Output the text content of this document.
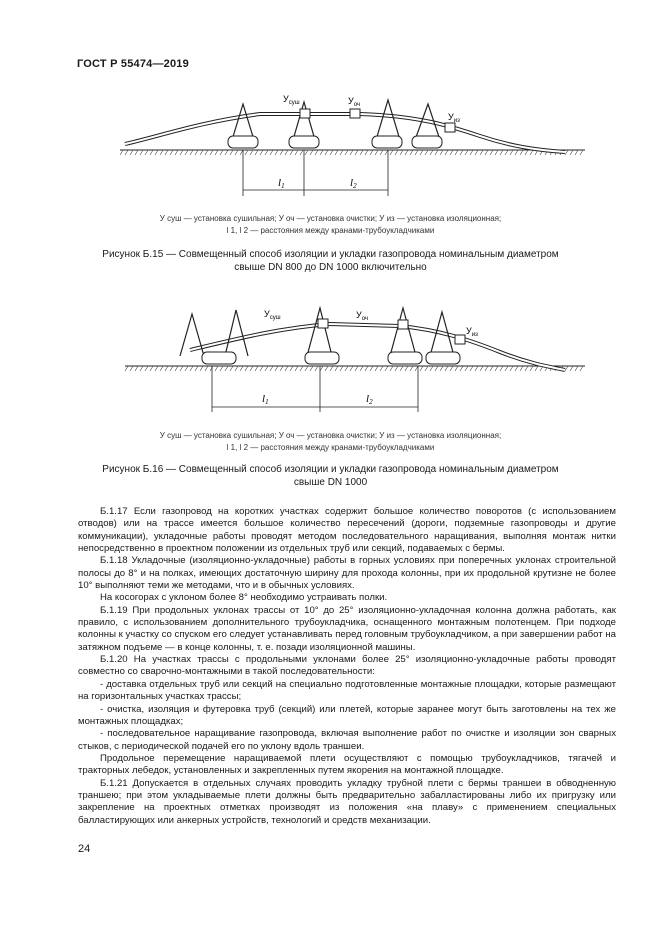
ГОСТ Р 55474—2019
l1	l2
$У_{суш}$	$У_{оч}$
$У_{из}$
У суш — установка сушильная; У оч — установка очистки; У из — установка изоляционная;
l 1, l 2 — расстояния между кранами-трубоукладчиками
Рисунок Б.15 — Совмещенный способ изоляции и укладки газопровода номинальным диаметром
свыше DN 800 до DN 1000 включительно
l1	l2
$У_{суш}$	$У_{оч}$
$У_{из}$
У суш — установка сушильная; У оч — установка очистки; У из — установка изоляционная;
l 1, l 2 — расстояния между кранами-трубоукладчиками
Рисунок Б.16 — Совмещенный способ изоляции и укладки газопровода номинальным диаметром
свыше DN 1000

Б.1.17 Если газопровод на коротких участках содержит большое количество поворотов (с использованием отводов) или на трассе имеется большое количество пересечений (дороги, подземные газопроводы и другие коммуникации), укладочные работы проводят методом последовательного наращивания, выполняя монтаж нитки непосредственно в проектном положении из отдельных труб или секций, подаваемых с бермы.

Б.1.18 Укладочные (изоляционно-укладочные) работы в горных условиях при поперечных уклонах строительной полосы до 8° и на полках, имеющих достаточную ширину для прохода колонны, при их продольной крутизне не более 10° выполняют теми же методами, что и в обычных условиях.

На косогорах с уклоном более 8° необходимо устраивать полки.

Б.1.19 При продольных уклонах трассы от 10° до 25° изоляционно-укладочная колонна должна работать, как правило, с использованием дополнительного трубоукладчика, оснащенного монтажным полотенцем. При подходе колонны к участку со спуском его следует устанавливать перед головным трубоукладчиком, а при завершении работ на затяжном подъеме — в конце колонны, т. е. позади изоляционной машины.

Б.1.20 На участках трассы с продольными уклонами более 25° изоляционно-укладочные работы проводят совместно со сварочно-монтажными в такой последовательности:

- доставка отдельных труб или секций на специально подготовленные монтажные площадки, которые размещают на горизонтальных участках трассы;

- очистка, изоляция и футеровка труб (секций) или плетей, которые заранее могут быть заготовлены на тех же монтажных площадках;

- последовательное наращивание газопровода, включая выполнение работ по очистке и изоляции зон сварных стыков, с периодической подачей его по уклону вдоль траншеи.

Продольное перемещение наращиваемой плети осуществляют с помощью трубоукладчиков, тягачей и тракторных лебедок, установленных и закрепленных путем якорения на монтажной площадке.

Б.1.21 Допускается в отдельных случаях проводить укладку трубной плети с бермы траншеи в обводненную траншею; при этом укладываемые плети должны быть предварительно забалластированы либо их пригрузку или закрепление на проектных отметках производят из положения «на плаву» с применением специальных балластирующих или анкерных устройств, технологий и средств механизации.

24
